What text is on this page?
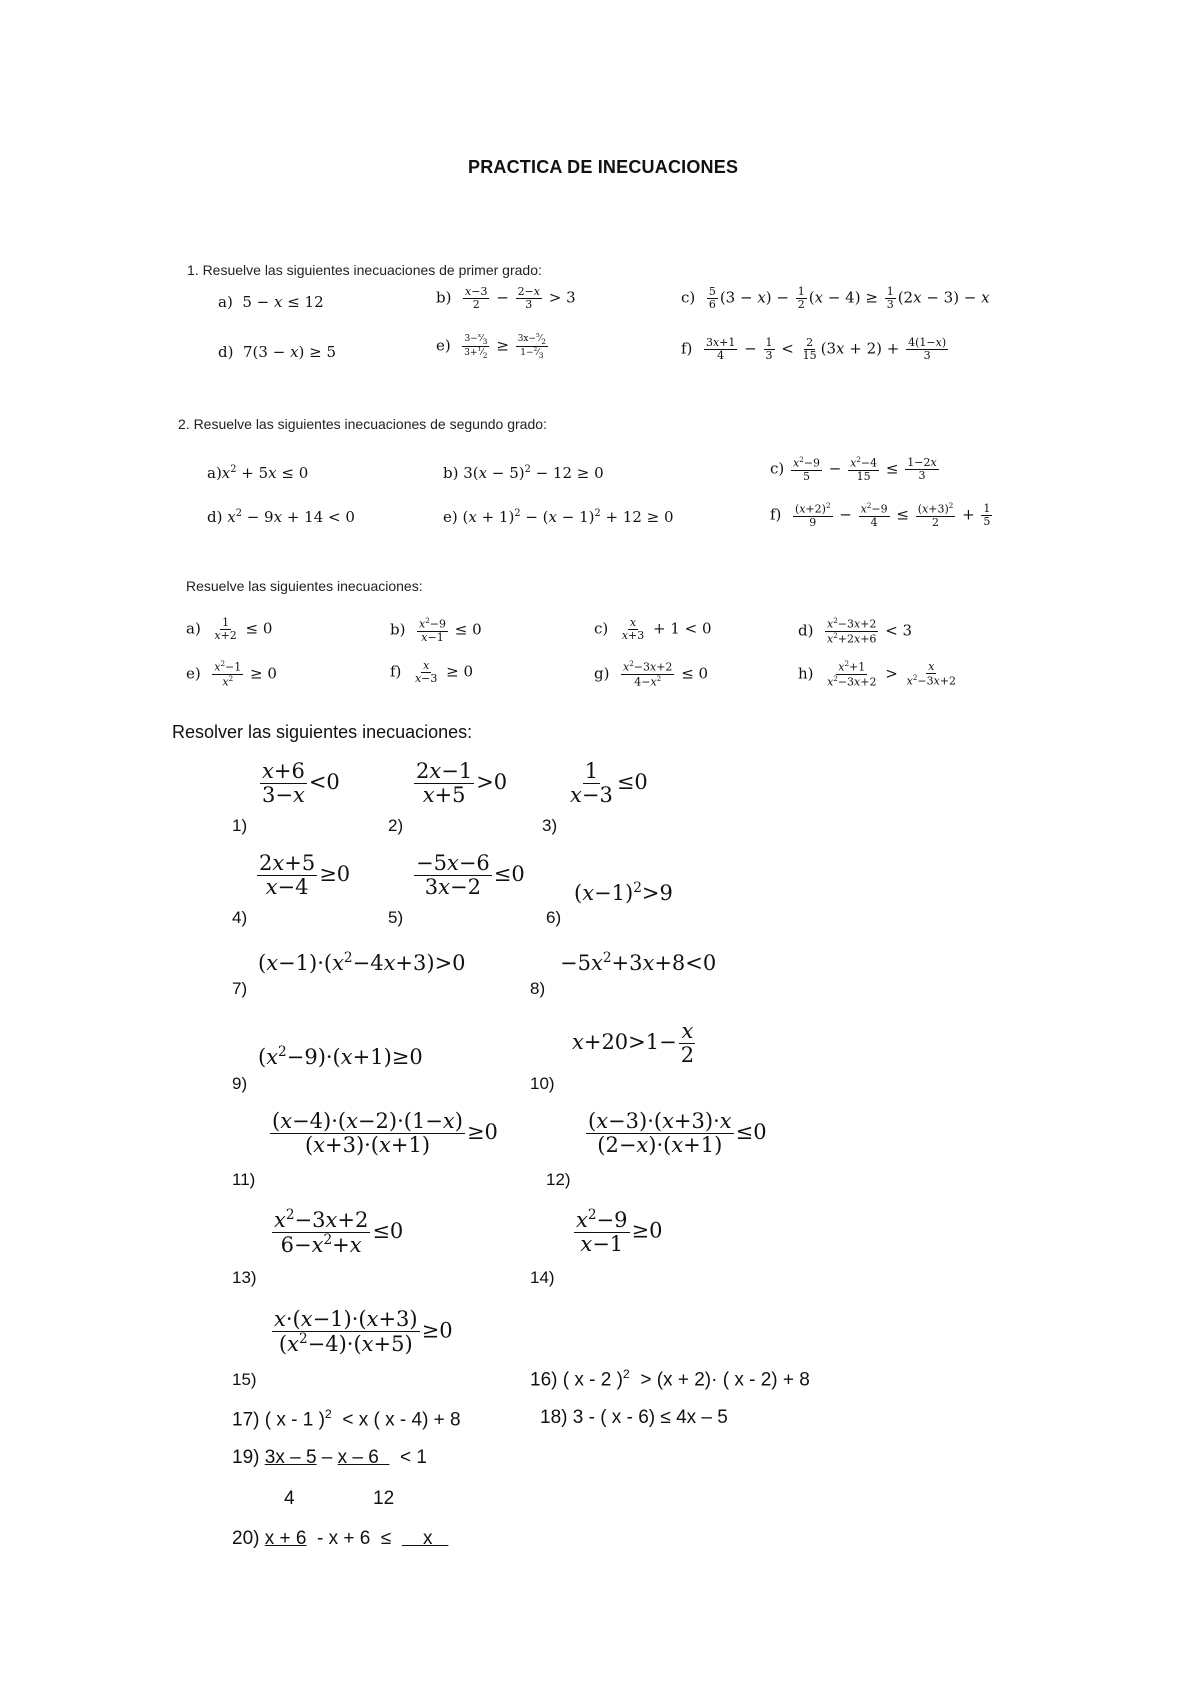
PRACTICA DE INECUACIONES
1. Resuelve las siguientes inecuaciones de primer grado:
a)  5 − x ≤ 12	$b) \frac{x-3}{2} - \frac{2-x}{3} > 3$	$c) \frac{5}{6} (3 - x) - \frac{1}{2} (x - 4) \ge \frac{1}{3} (2x - 3) - x$
d)  7(3 − x) ≥ 5	$e) \frac{3-^x⁄_3}{3+^1⁄_2} \ge \frac{3x-^5⁄_2}{1-^2⁄_3}$	$f) \frac{3x+1}{4} - \frac{1}{3} < \frac{2}{15} (3x + 2) + \frac{4(1-x)}{3}$
2. Resuelve las siguientes inecuaciones de segundo grado:
$a)x^2 + 5x \le 0$	b) $3(x - 5)^2 - 12 \ge 0$	$c) \frac{x^2-9}{5} - \frac{x^2-4}{15} \le \frac{1-2x}{3}$
d) $x^2 - 9x + 14 < 0$	e) $(x + 1)^2 - (x - 1)^2 + 12 \ge 0$	$f) \frac{(x+2)^2}{9} - \frac{x^2-9}{4} \le \frac{(x+3)^2}{2} + \frac{1}{5}$
Resuelve las siguientes inecuaciones:
$a) \frac{1}{x+2} \le 0$	$b) \frac{x^2-9}{x-1} \le 0$	$c) \frac{x}{x+3} + 1 < 0$	$d) \frac{x^2-3x+2}{x^2+2x+6} < 3$
$e) \frac{x^2-1}{x^2} \ge 0$	$f) \frac{x}{x-3} \ge 0$	$g) \frac{x^2-3x+2}{4-x^2} \le 0$	$h) \frac{x^2+1}{x^2-3x+2} > \frac{x}{x^2-3x+2}$
Resolver las siguientes inecuaciones:
$\frac{x+6}{3-x} <0$
1)
$\frac{2x-1}{x+5} >0$
2)
$\frac{1}{x-3} \le 0$
3)
$\frac{2x+5}{x-4} \ge 0$
4)
$\frac{-5x-6}{3x-2} \le 0$
5)
$(x-1)^2>9$
6)
$(x-1)\cdot(x^2-4x+3)>0$
7)
$-5x^2+3x+8<0$
8)
$(x^2-9)\cdot(x+1)\ge 0$
9)
$x+20>1- \frac{x}{2}$
10)
$\frac{(x-4)\cdot(x-2)\cdot(1-x)}{(x+3)\cdot(x+1)} \ge 0$
11)
$\frac{(x-3)\cdot(x+3)\cdot x}{(2-x)\cdot(x+1)} \le 0$
12)
$\frac{x^2-3x+2}{6-x^2+x} \le 0$
13)
$\frac{x^2-9}{x-1} \ge 0$
14)
$\frac{x\cdot(x-1)\cdot(x+3)}{(x^2-4)\cdot(x+5)} \ge 0$
15)	16) ( x - 2 )$^2$  > (x + 2)· ( x - 2) + 8
17) ( x - 1 )$^2$  < x ( x - 4) + 8	18) 3 - ( x - 6) ≤ 4x – 5
19) 3x – 5 – x – 6    < 1
4	12
20) x + 6  - x + 6  ≤      x
